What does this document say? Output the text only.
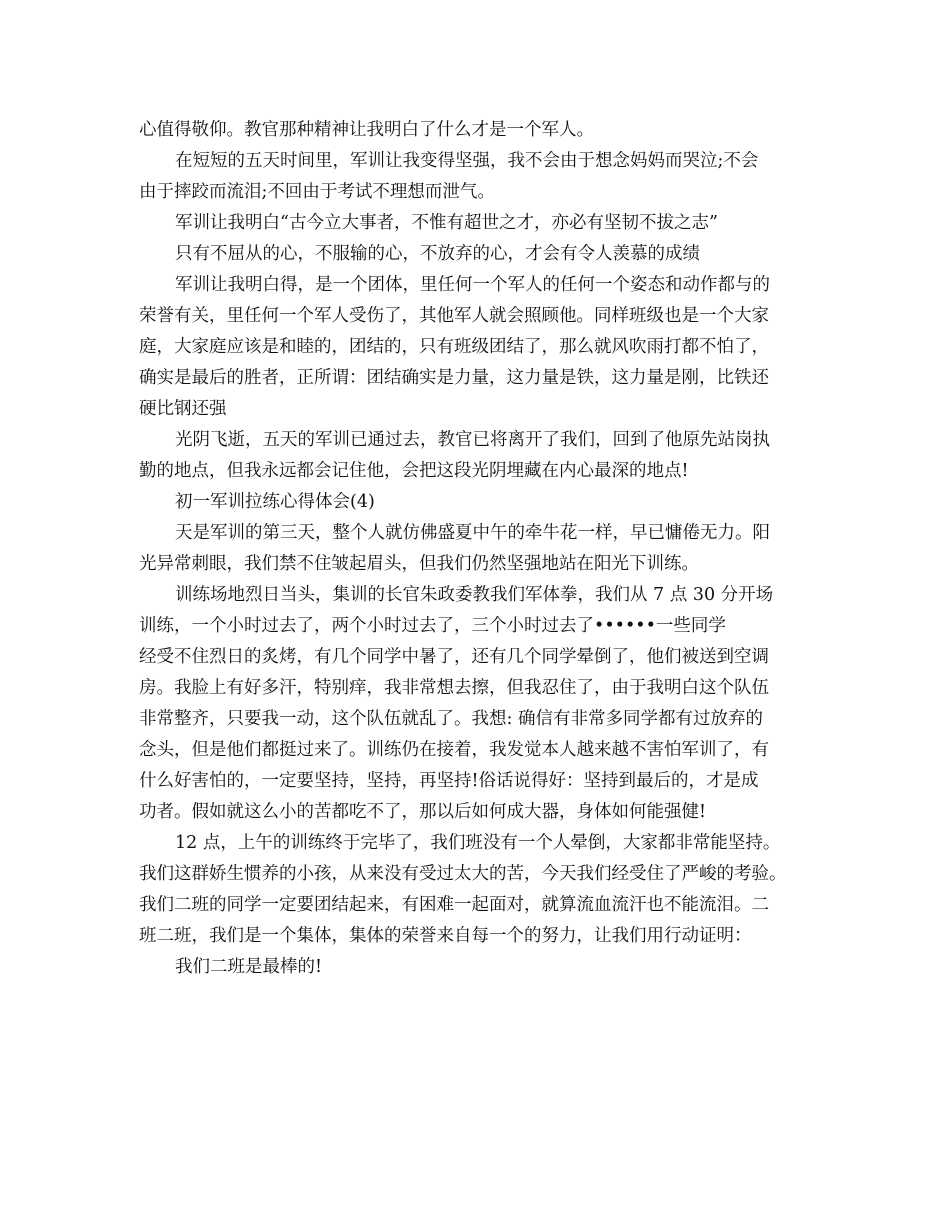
心值得敬仰。教官那种精神让我明白了什么才是一个军人。
在短短的五天时间里，军训让我变得坚强，我不会由于想念妈妈而哭泣;不会
由于摔跤而流泪;不回由于考试不理想而泄气。
军训让我明白“古今立大事者，不惟有超世之才，亦必有坚韧不拔之志”
只有不屈从的心，不服输的心，不放弃的心，才会有令人羡慕的成绩
军训让我明白得，是一个团体，里任何一个军人的任何一个姿态和动作都与的
荣誉有关，里任何一个军人受伤了，其他军人就会照顾他。同样班级也是一个大家
庭，大家庭应该是和睦的，团结的，只有班级团结了，那么就风吹雨打都不怕了，
确实是最后的胜者，正所谓：团结确实是力量，这力量是铁，这力量是刚，比铁还
硬比钢还强
光阴飞逝，五天的军训已通过去，教官已将离开了我们，回到了他原先站岗执
勤的地点，但我永远都会记住他，会把这段光阴埋藏在内心最深的地点!
初一军训拉练心得体会(4)
天是军训的第三天，整个人就仿佛盛夏中午的牵牛花一样，早已慵倦无力。阳
光异常刺眼，我们禁不住皱起眉头，但我们仍然坚强地站在阳光下训练。
训练场地烈日当头，集训的长官朱政委教我们军体拳，我们从 7 点 30 分开场
训练，一个小时过去了，两个小时过去了，三个小时过去了••••••一些同学
经受不住烈日的炙烤，有几个同学中暑了，还有几个同学晕倒了，他们被送到空调
房。我脸上有好多汗，特别痒，我非常想去擦，但我忍住了，由于我明白这个队伍
非常整齐，只要我一动，这个队伍就乱了。我想: 确信有非常多同学都有过放弃的
念头，但是他们都挺过来了。训练仍在接着，我发觉本人越来越不害怕军训了，有
什么好害怕的，一定要坚持，坚持，再坚持!俗话说得好：坚持到最后的，才是成
功者。假如就这么小的苦都吃不了，那以后如何成大器，身体如何能强健!
12 点，上午的训练终于完毕了，我们班没有一个人晕倒，大家都非常能坚持。
我们这群娇生惯养的小孩，从来没有受过太大的苦，今天我们经受住了严峻的考验。
我们二班的同学一定要团结起来，有困难一起面对，就算流血流汗也不能流泪。二
班二班，我们是一个集体，集体的荣誉来自每一个的努力，让我们用行动证明：
我们二班是最棒的!
